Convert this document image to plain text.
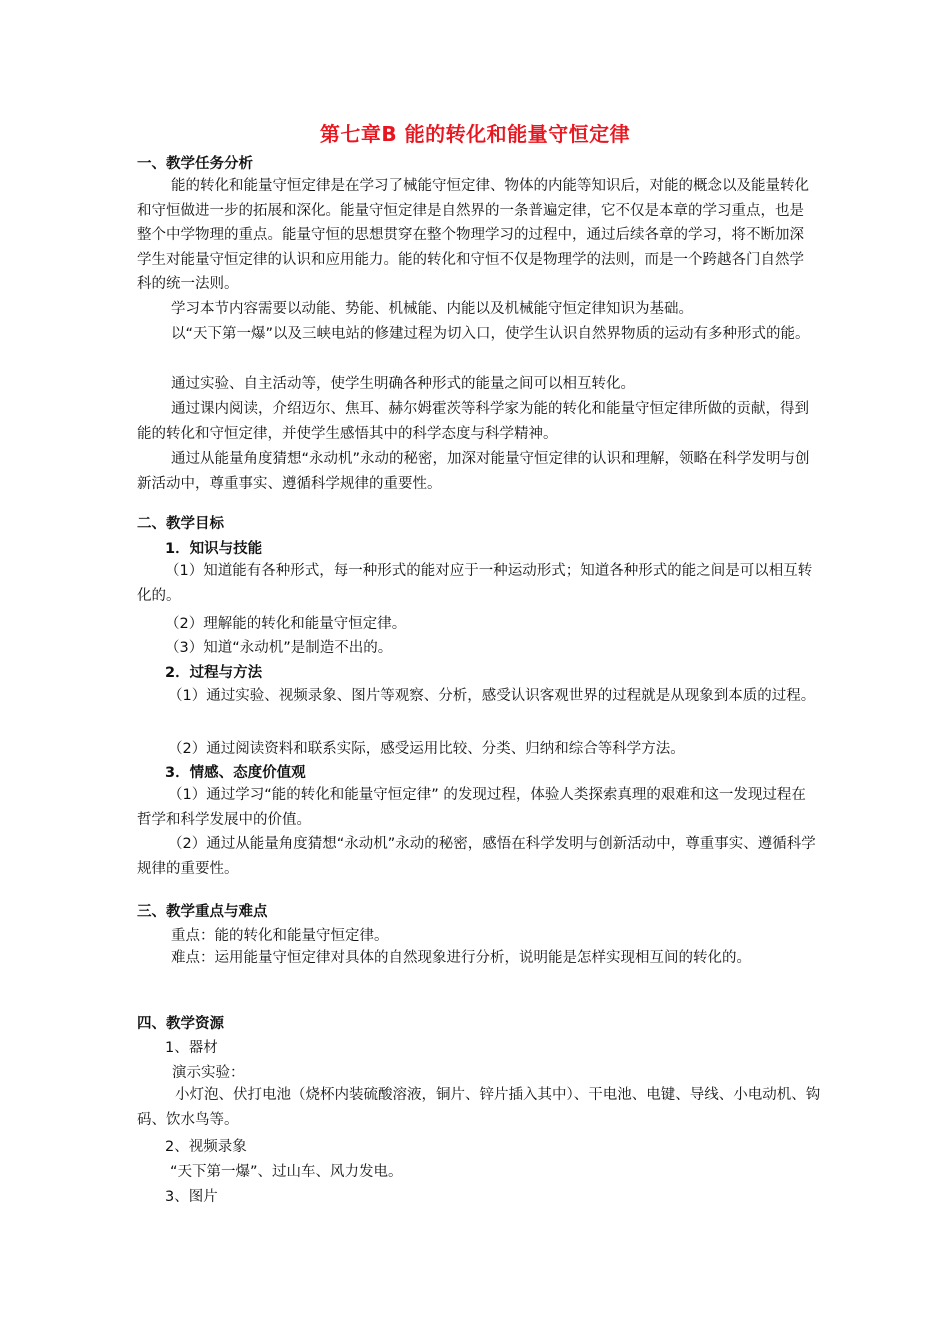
第七章B 能的转化和能量守恒定律
一、教学任务分析
能的转化和能量守恒定律是在学习了械能守恒定律、物体的内能等知识后，对能的概念以及能量转化和守恒做进一步的拓展和深化。能量守恒定律是自然界的一条普遍定律，它不仅是本章的学习重点，也是整个中学物理的重点。能量守恒的思想贯穿在整个物理学习的过程中，通过后续各章的学习，将不断加深学生对能量守恒定律的认识和应用能力。能的转化和守恒不仅是物理学的法则，而是一个跨越各门自然学科的统一法则。
学习本节内容需要以动能、势能、机械能、内能以及机械能守恒定律知识为基础。
以“天下第一爆”以及三峡电站的修建过程为切入口，使学生认识自然界物质的运动有多种形式的能。
通过实验、自主活动等，使学生明确各种形式的能量之间可以相互转化。
通过课内阅读，介绍迈尔、焦耳、赫尔姆霍茨等科学家为能的转化和能量守恒定律所做的贡献，得到能的转化和守恒定律，并使学生感悟其中的科学态度与科学精神。
通过从能量角度猜想“永动机”永动的秘密，加深对能量守恒定律的认识和理解，领略在科学发明与创新活动中，尊重事实、遵循科学规律的重要性。
二、教学目标
1．知识与技能
（1）知道能有各种形式，每一种形式的能对应于一种运动形式；知道各种形式的能之间是可以相互转化的。
（2）理解能的转化和能量守恒定律。
（3）知道“永动机”是制造不出的。
2．过程与方法
（1）通过实验、视频录象、图片等观察、分析，感受认识客观世界的过程就是从现象到本质的过程。
（2）通过阅读资料和联系实际，感受运用比较、分类、归纳和综合等科学方法。
3．情感、态度价值观
（1）通过学习“能的转化和能量守恒定律” 的发现过程，体验人类探索真理的艰难和这一发现过程在哲学和科学发展中的价值。
（2）通过从能量角度猜想“永动机”永动的秘密，感悟在科学发明与创新活动中，尊重事实、遵循科学规律的重要性。
三、教学重点与难点
重点：能的转化和能量守恒定律。
难点：运用能量守恒定律对具体的自然现象进行分析，说明能是怎样实现相互间的转化的。
四、教学资源
1、器材
演示实验：
小灯泡、伏打电池（烧杯内装硫酸溶液，铜片、锌片插入其中）、干电池、电键、导线、小电动机、钩码、饮水鸟等。
2、视频录象
“天下第一爆”、过山车、风力发电。
3、图片
